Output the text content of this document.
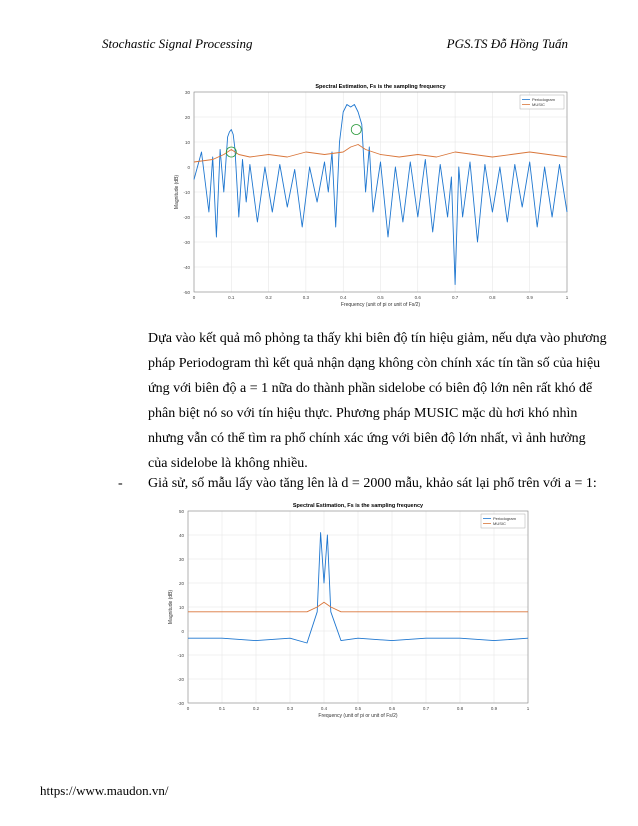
Stochastic Signal Processing	PGS.TS Đỗ Hồng Tuấn
Spectral Estimation, Fs is the sampling frequency
30
20
10
0
-10
-20
-30
-40
-50
0	0.1	0.2	0.3	0.4	0.5	0.6	0.7	0.8	0.9	1
Periodogram
MUSIC
Frequency (unit of pi or unit of Fs/2)
Magnitude (dB)
Dựa vào kết quả mô phỏng ta thấy khi biên độ tín hiệu giảm, nếu dựa vào phương
pháp Periodogram thì kết quả nhận dạng không còn chính xác tín tần số của hiệu
ứng với biên độ a = 1 nữa do thành phần sidelobe có biên độ lớn nên rất khó để
phân biệt nó so với tín hiệu thực. Phương pháp MUSIC mặc dù hơi khó nhìn
nhưng vẫn có thể tìm ra phổ chính xác ứng với biên độ lớn nhất, vì ảnh hưởng
của sidelobe là không nhiều.
- Giả sử, số mẫu lấy vào tăng lên là d = 2000 mẫu, khảo sát lại phổ trên với a = 1:
Spectral Estimation, Fs is the sampling frequency
50
40
30
20
10
0
-10
-20
-30
0	0.1	0.2	0.3	0.4	0.5	0.6	0.7	0.8	0.9	1
Periodogram
MUSIC
Frequency (unit of pi or unit of Fs/2)
Magnitude (dB)
https://www.maudon.vn/
